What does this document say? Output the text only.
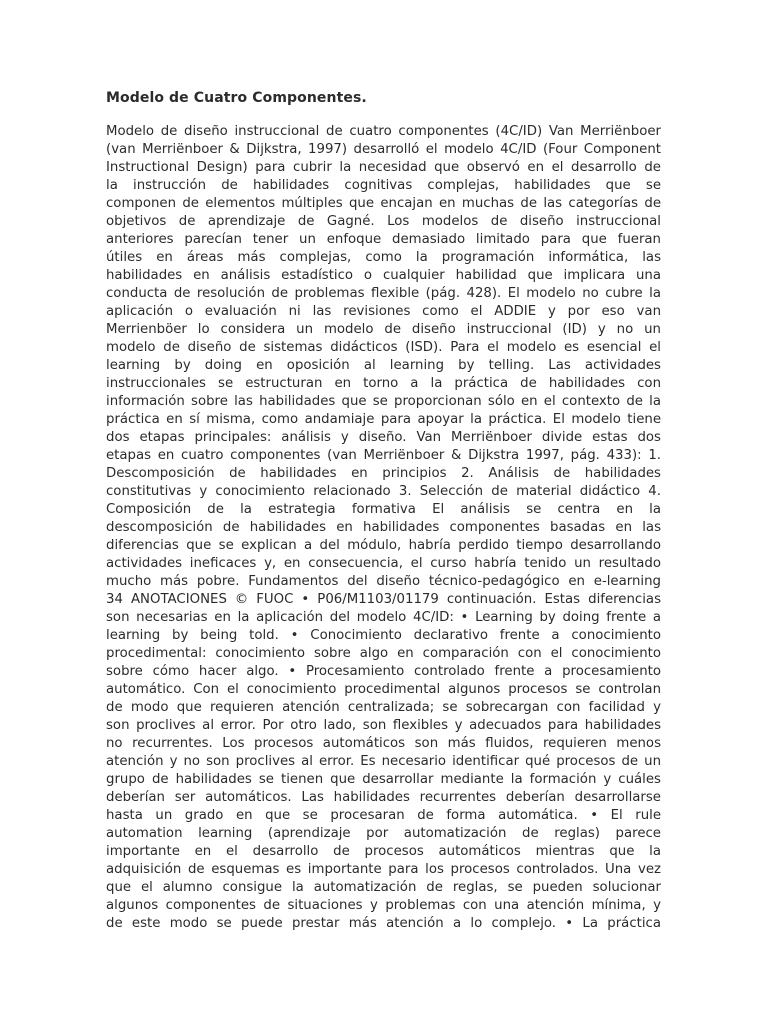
Modelo de Cuatro Componentes.
Modelo de diseño instruccional de cuatro componentes (4C/ID) Van Merriënboer
(van Merriënboer & Dijkstra, 1997) desarrolló el modelo 4C/ID (Four Component
Instructional Design) para cubrir la necesidad que observó en el desarrollo de
la instrucción de habilidades cognitivas complejas, habilidades que se
componen de elementos múltiples que encajan en muchas de las categorías de
objetivos de aprendizaje de Gagné. Los modelos de diseño instruccional
anteriores parecían tener un enfoque demasiado limitado para que fueran
útiles en áreas más complejas, como la programación informática, las
habilidades en análisis estadístico o cualquier habilidad que implicara una
conducta de resolución de problemas flexible (pág. 428). El modelo no cubre la
aplicación o evaluación ni las revisiones como el ADDIE y por eso van
Merrienböer lo considera un modelo de diseño instruccional (ID) y no un
modelo de diseño de sistemas didácticos (ISD). Para el modelo es esencial el
learning by doing en oposición al learning by telling. Las actividades
instruccionales se estructuran en torno a la práctica de habilidades con
información sobre las habilidades que se proporcionan sólo en el contexto de la
práctica en sí misma, como andamiaje para apoyar la práctica. El modelo tiene
dos etapas principales: análisis y diseño. Van Merriënboer divide estas dos
etapas en cuatro componentes (van Merriënboer & Dijkstra 1997, pág. 433): 1.
Descomposición de habilidades en principios 2. Análisis de habilidades
constitutivas y conocimiento relacionado 3. Selección de material didáctico 4.
Composición de la estrategia formativa El análisis se centra en la
descomposición de habilidades en habilidades componentes basadas en las
diferencias que se explican a del módulo, habría perdido tiempo desarrollando
actividades ineficaces y, en consecuencia, el curso habría tenido un resultado
mucho más pobre. Fundamentos del diseño técnico-pedagógico en e-learning
34 ANOTACIONES © FUOC • P06/M1103/01179 continuación. Estas diferencias
son necesarias en la aplicación del modelo 4C/ID: • Learning by doing frente a
learning by being told. • Conocimiento declarativo frente a conocimiento
procedimental: conocimiento sobre algo en comparación con el conocimiento
sobre cómo hacer algo. • Procesamiento controlado frente a procesamiento
automático. Con el conocimiento procedimental algunos procesos se controlan
de modo que requieren atención centralizada; se sobrecargan con facilidad y
son proclives al error. Por otro lado, son flexibles y adecuados para habilidades
no recurrentes. Los procesos automáticos son más fluidos, requieren menos
atención y no son proclives al error. Es necesario identificar qué procesos de un
grupo de habilidades se tienen que desarrollar mediante la formación y cuáles
deberían ser automáticos. Las habilidades recurrentes deberían desarrollarse
hasta un grado en que se procesaran de forma automática. • El rule
automation learning (aprendizaje por automatización de reglas) parece
importante en el desarrollo de procesos automáticos mientras que la
adquisición de esquemas es importante para los procesos controlados. Una vez
que el alumno consigue la automatización de reglas, se pueden solucionar
algunos componentes de situaciones y problemas con una atención mínima, y
de este modo se puede prestar más atención a lo complejo. • La práctica
